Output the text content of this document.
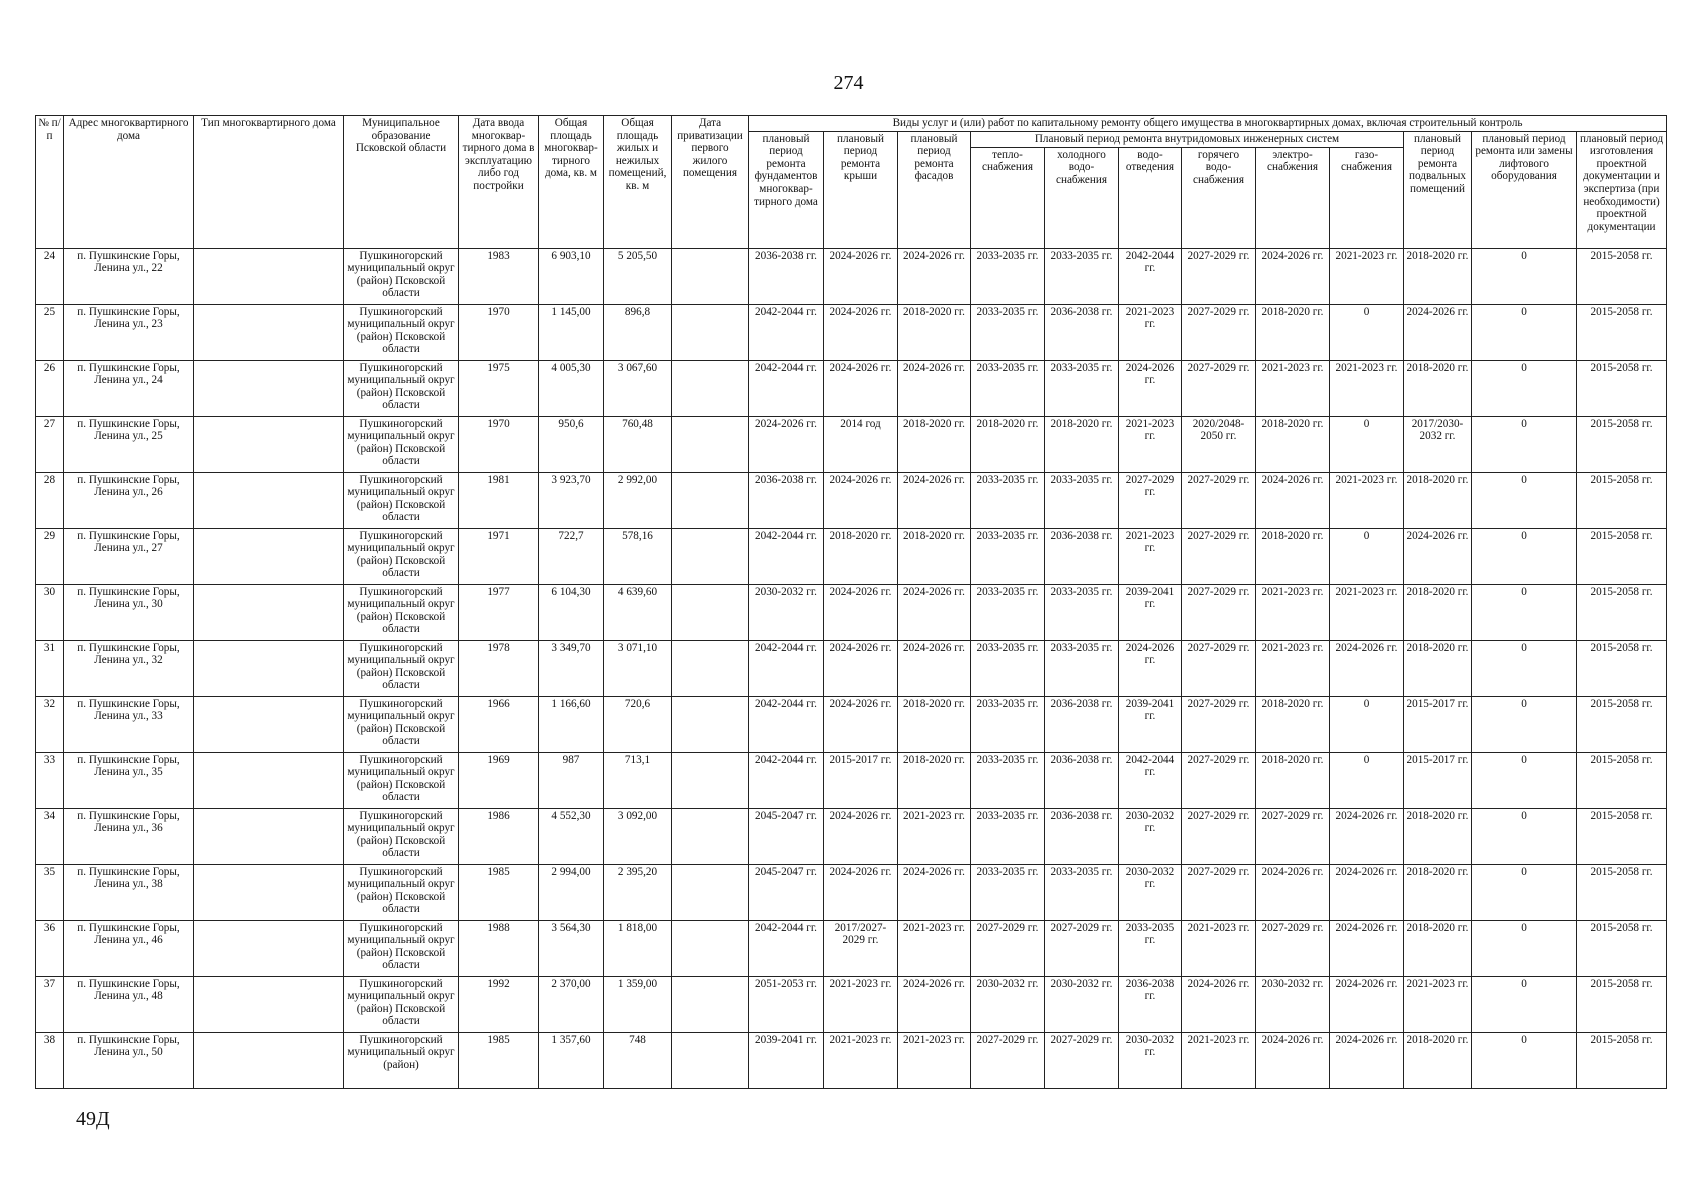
274
№ п/п	Адрес многоквартирного дома	Тип многоквартирного дома	Муниципальное образование Псковской области	Дата ввода многоквар-тирного дома в эксплуатацию либо год постройки	Общая площадь многоквар-тирного дома, кв. м	Общая площадь жилых и нежилых помещений, кв. м	Дата приватизации первого жилого помещения	Виды услуг и (или) работ по капитальному ремонту общего имущества в многоквартирных домах, включая строительный контроль											
								плановый период ремонта фундаментов многоквар-тирного дома	плановый период ремонта крыши	плановый период ремонта фасадов	Плановый период ремонта внутридомовых инженерных систем						плановый период ремонта подвальных помещений	плановый период ремонта или замены лифтового оборудования	плановый период изготовления проектной документации и экспертиза (при необходимости) проектной документации
											тепло-снабжения	холодного водо-снабжения	водо-отведения	горячего водо-снабжения	электро-снабжения	газо-снабжения			
24	п. Пушкинские Горы, Ленина ул., 22		Пушкиногорский муниципальный округ (район) Псковской области	1983	6 903,10	5 205,50		2036-2038 гг.	2024-2026 гг.	2024-2026 гг.	2033-2035 гг.	2033-2035 гг.	2042-2044 гг.	2027-2029 гг.	2024-2026 гг.	2021-2023 гг.	2018-2020 гг.	0	2015-2058 гг.
25	п. Пушкинские Горы, Ленина ул., 23		Пушкиногорский муниципальный округ (район) Псковской области	1970	1 145,00	896,8		2042-2044 гг.	2024-2026 гг.	2018-2020 гг.	2033-2035 гг.	2036-2038 гг.	2021-2023 гг.	2027-2029 гг.	2018-2020 гг.	0	2024-2026 гг.	0	2015-2058 гг.
26	п. Пушкинские Горы, Ленина ул., 24		Пушкиногорский муниципальный округ (район) Псковской области	1975	4 005,30	3 067,60		2042-2044 гг.	2024-2026 гг.	2024-2026 гг.	2033-2035 гг.	2033-2035 гг.	2024-2026 гг.	2027-2029 гг.	2021-2023 гг.	2021-2023 гг.	2018-2020 гг.	0	2015-2058 гг.
27	п. Пушкинские Горы, Ленина ул., 25		Пушкиногорский муниципальный округ (район) Псковской области	1970	950,6	760,48		2024-2026 гг.	2014 год	2018-2020 гг.	2018-2020 гг.	2018-2020 гг.	2021-2023 гг.	2020/2048-2050 гг.	2018-2020 гг.	0	2017/2030-2032 гг.	0	2015-2058 гг.
28	п. Пушкинские Горы, Ленина ул., 26		Пушкиногорский муниципальный округ (район) Псковской области	1981	3 923,70	2 992,00		2036-2038 гг.	2024-2026 гг.	2024-2026 гг.	2033-2035 гг.	2033-2035 гг.	2027-2029 гг.	2027-2029 гг.	2024-2026 гг.	2021-2023 гг.	2018-2020 гг.	0	2015-2058 гг.
29	п. Пушкинские Горы, Ленина ул., 27		Пушкиногорский муниципальный округ (район) Псковской области	1971	722,7	578,16		2042-2044 гг.	2018-2020 гг.	2018-2020 гг.	2033-2035 гг.	2036-2038 гг.	2021-2023 гг.	2027-2029 гг.	2018-2020 гг.	0	2024-2026 гг.	0	2015-2058 гг.
30	п. Пушкинские Горы, Ленина ул., 30		Пушкиногорский муниципальный округ (район) Псковской области	1977	6 104,30	4 639,60		2030-2032 гг.	2024-2026 гг.	2024-2026 гг.	2033-2035 гг.	2033-2035 гг.	2039-2041 гг.	2027-2029 гг.	2021-2023 гг.	2021-2023 гг.	2018-2020 гг.	0	2015-2058 гг.
31	п. Пушкинские Горы, Ленина ул., 32		Пушкиногорский муниципальный округ (район) Псковской области	1978	3 349,70	3 071,10		2042-2044 гг.	2024-2026 гг.	2024-2026 гг.	2033-2035 гг.	2033-2035 гг.	2024-2026 гг.	2027-2029 гг.	2021-2023 гг.	2024-2026 гг.	2018-2020 гг.	0	2015-2058 гг.
32	п. Пушкинские Горы, Ленина ул., 33		Пушкиногорский муниципальный округ (район) Псковской области	1966	1 166,60	720,6		2042-2044 гг.	2024-2026 гг.	2018-2020 гг.	2033-2035 гг.	2036-2038 гг.	2039-2041 гг.	2027-2029 гг.	2018-2020 гг.	0	2015-2017 гг.	0	2015-2058 гг.
33	п. Пушкинские Горы, Ленина ул., 35		Пушкиногорский муниципальный округ (район) Псковской области	1969	987	713,1		2042-2044 гг.	2015-2017 гг.	2018-2020 гг.	2033-2035 гг.	2036-2038 гг.	2042-2044 гг.	2027-2029 гг.	2018-2020 гг.	0	2015-2017 гг.	0	2015-2058 гг.
34	п. Пушкинские Горы, Ленина ул., 36		Пушкиногорский муниципальный округ (район) Псковской области	1986	4 552,30	3 092,00		2045-2047 гг.	2024-2026 гг.	2021-2023 гг.	2033-2035 гг.	2036-2038 гг.	2030-2032 гг.	2027-2029 гг.	2027-2029 гг.	2024-2026 гг.	2018-2020 гг.	0	2015-2058 гг.
35	п. Пушкинские Горы, Ленина ул., 38		Пушкиногорский муниципальный округ (район) Псковской области	1985	2 994,00	2 395,20		2045-2047 гг.	2024-2026 гг.	2024-2026 гг.	2033-2035 гг.	2033-2035 гг.	2030-2032 гг.	2027-2029 гг.	2024-2026 гг.	2024-2026 гг.	2018-2020 гг.	0	2015-2058 гг.
36	п. Пушкинские Горы, Ленина ул., 46		Пушкиногорский муниципальный округ (район) Псковской области	1988	3 564,30	1 818,00		2042-2044 гг.	2017/2027-2029 гг.	2021-2023 гг.	2027-2029 гг.	2027-2029 гг.	2033-2035 гг.	2021-2023 гг.	2027-2029 гг.	2024-2026 гг.	2018-2020 гг.	0	2015-2058 гг.
37	п. Пушкинские Горы, Ленина ул., 48		Пушкиногорский муниципальный округ (район) Псковской области	1992	2 370,00	1 359,00		2051-2053 гг.	2021-2023 гг.	2024-2026 гг.	2030-2032 гг.	2030-2032 гг.	2036-2038 гг.	2024-2026 гг.	2030-2032 гг.	2024-2026 гг.	2021-2023 гг.	0	2015-2058 гг.
38	п. Пушкинские Горы, Ленина ул., 50		Пушкиногорский муниципальный округ (район)	1985	1 357,60	748		2039-2041 гг.	2021-2023 гг.	2021-2023 гг.	2027-2029 гг.	2027-2029 гг.	2030-2032 гг.	2021-2023 гг.	2024-2026 гг.	2024-2026 гг.	2018-2020 гг.	0	2015-2058 гг.
49Д
